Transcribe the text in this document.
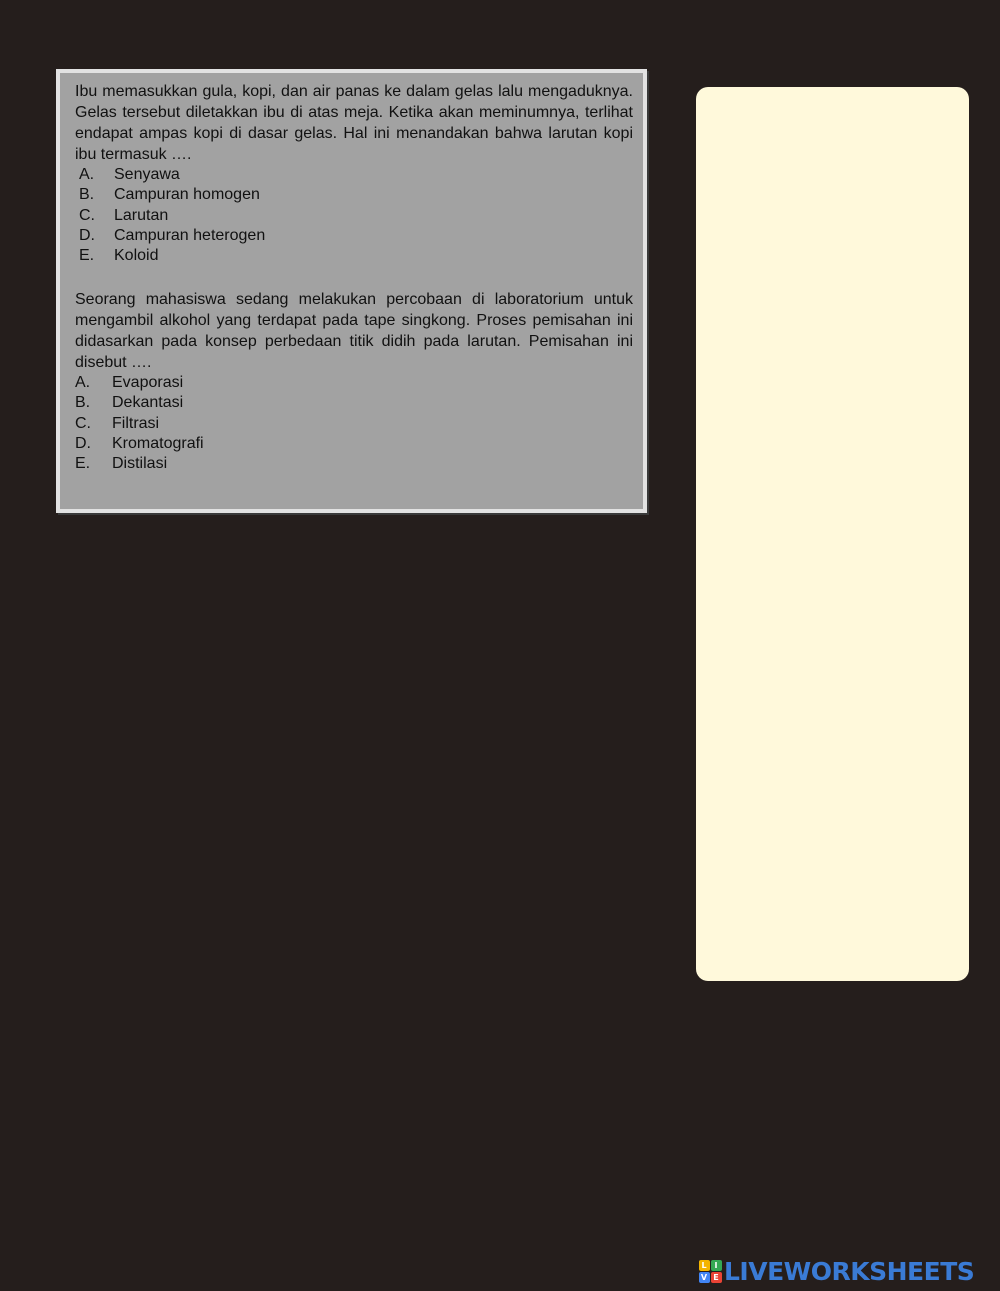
Ibu memasukkan gula, kopi, dan air panas ke dalam gelas lalu mengaduknya. Gelas tersebut diletakkan ibu di atas meja. Ketika akan meminumnya, terlihat endapat ampas kopi di dasar gelas. Hal ini menandakan bahwa larutan kopi ibu termasuk ….

A.	Senyawa
B.	Campuran homogen
C.	Larutan
D.	Campuran heterogen
E.	Koloid

Seorang mahasiswa sedang melakukan percobaan di laboratorium untuk mengambil alkohol yang terdapat pada tape singkong. Proses pemisahan ini didasarkan pada konsep perbedaan titik didih pada larutan. Pemisahan ini disebut ….

A.	Evaporasi
B.	Dekantasi
C.	Filtrasi
D.	Kromatografi
E.	Distilasi
L I
V E LIVEWORKSHEETS
